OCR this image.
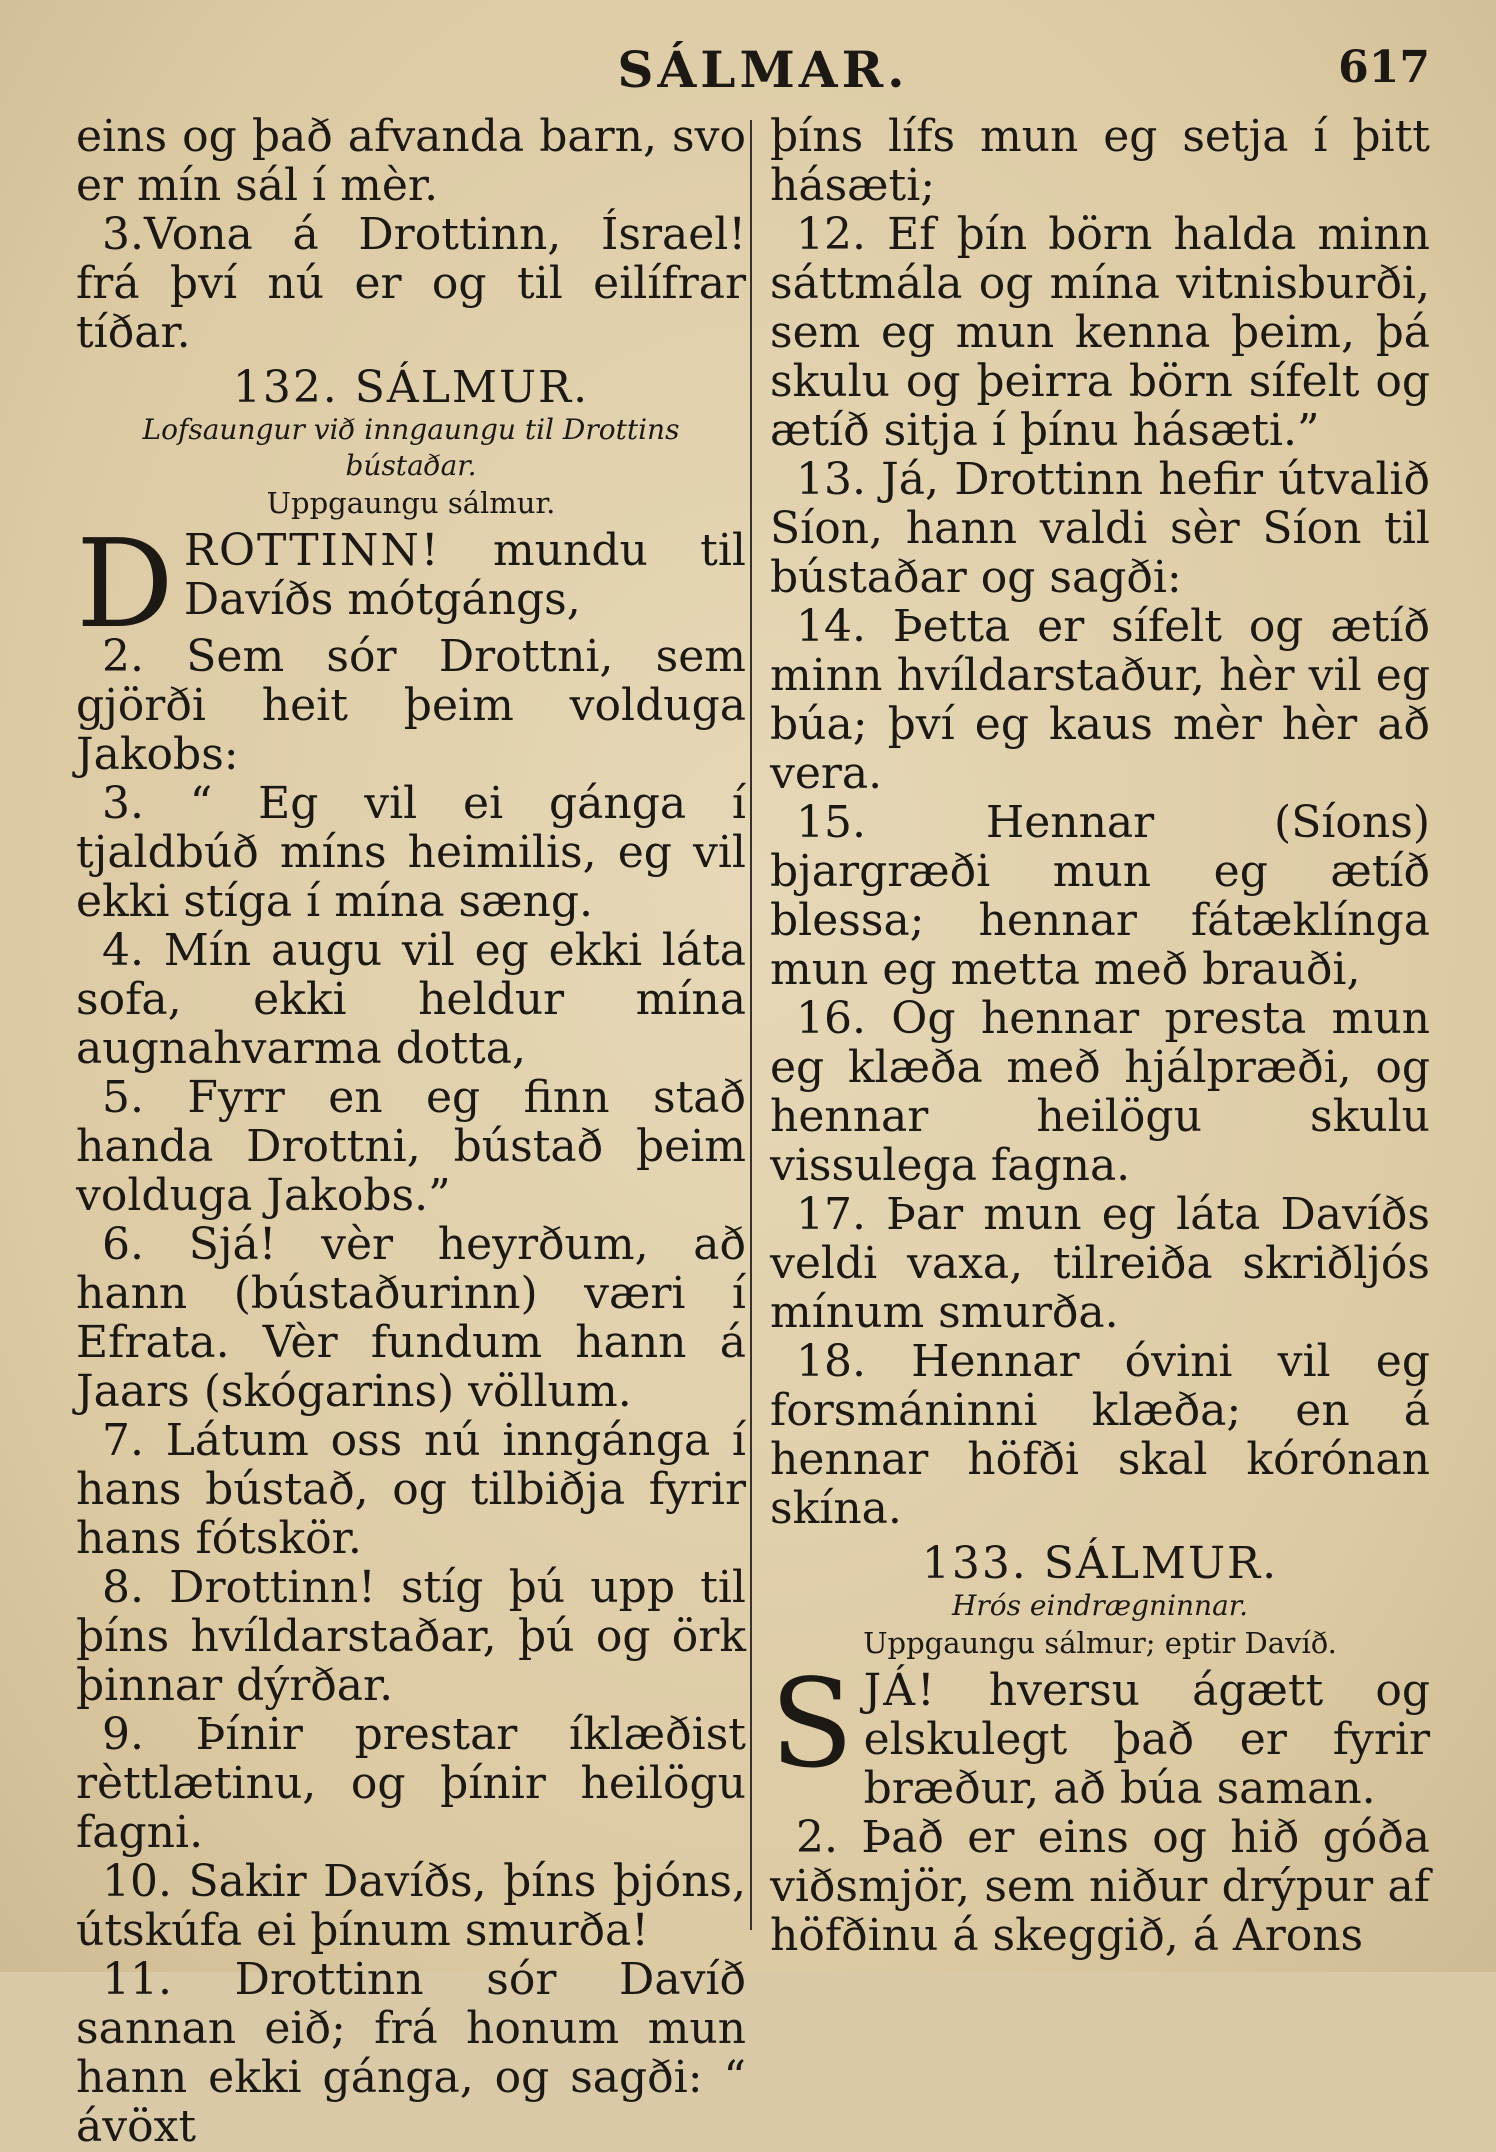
SÁLMAR.	617

eins og það afvanda barn, svo er mín sál í mèr.

3.Vona á Drottinn, Ísrael! frá því nú er og til eilífrar tíðar.

132. SÁLMUR.
Lofsaungur við inngaungu til Drottins bústaðar.
Uppgaungu sálmur.

DROTTINN! mundu til Davíðs mótgángs,

2. Sem sór Drottni, sem gjörði heit þeim volduga Jakobs:

3. “ Eg vil ei gánga í tjaldbúð míns heimilis, eg vil ekki stíga í mína sæng.

4. Mín augu vil eg ekki láta sofa, ekki heldur mína augnahvarma dotta,

5. Fyrr en eg finn stað handa Drottni, bústað þeim volduga Jakobs.”

6. Sjá! vèr heyrðum, að hann (bústaðurinn) væri í Efrata. Vèr fundum hann á Jaars (skógarins) völlum.

7. Látum oss nú inngánga í hans bústað, og tilbiðja fyrir hans fótskör.

8. Drottinn! stíg þú upp til þíns hvíldarstaðar, þú og örk þinnar dýrðar.

9. Þínir prestar íklæðist rèttlætinu, og þínir heilögu fagni.

10. Sakir Davíðs, þíns þjóns, útskúfa ei þínum smurða!

11. Drottinn sór Davíð sannan eið; frá honum mun hann ekki gánga, og sagði: “ ávöxt

þíns lífs mun eg setja í þitt hásæti;

12. Ef þín börn halda minn sáttmála og mína vitnisburði, sem eg mun kenna þeim, þá skulu og þeirra börn sífelt og ætíð sitja í þínu hásæti.”

13. Já, Drottinn hefir útvalið Síon, hann valdi sèr Síon til bústaðar og sagði:

14. Þetta er sífelt og ætíð minn hvíldarstaður, hèr vil eg búa; því eg kaus mèr hèr að vera.

15. Hennar (Síons) bjargræði mun eg ætíð blessa; hennar fátæklínga mun eg metta með brauði,

16. Og hennar presta mun eg klæða með hjálpræði, og hennar heilögu skulu vissulega fagna.

17. Þar mun eg láta Davíðs veldi vaxa, tilreiða skriðljós mínum smurða.

18. Hennar óvini vil eg forsmáninni klæða; en á hennar höfði skal kórónan skína.

133. SÁLMUR.
Hrós eindrægninnar.
Uppgaungu sálmur; eptir Davíð.

SJÁ! hversu ágætt og elskulegt það er fyrir bræður, að búa saman.

2. Það er eins og hið góða viðsmjör, sem niður drýpur af höfðinu á skeggið, á Arons
